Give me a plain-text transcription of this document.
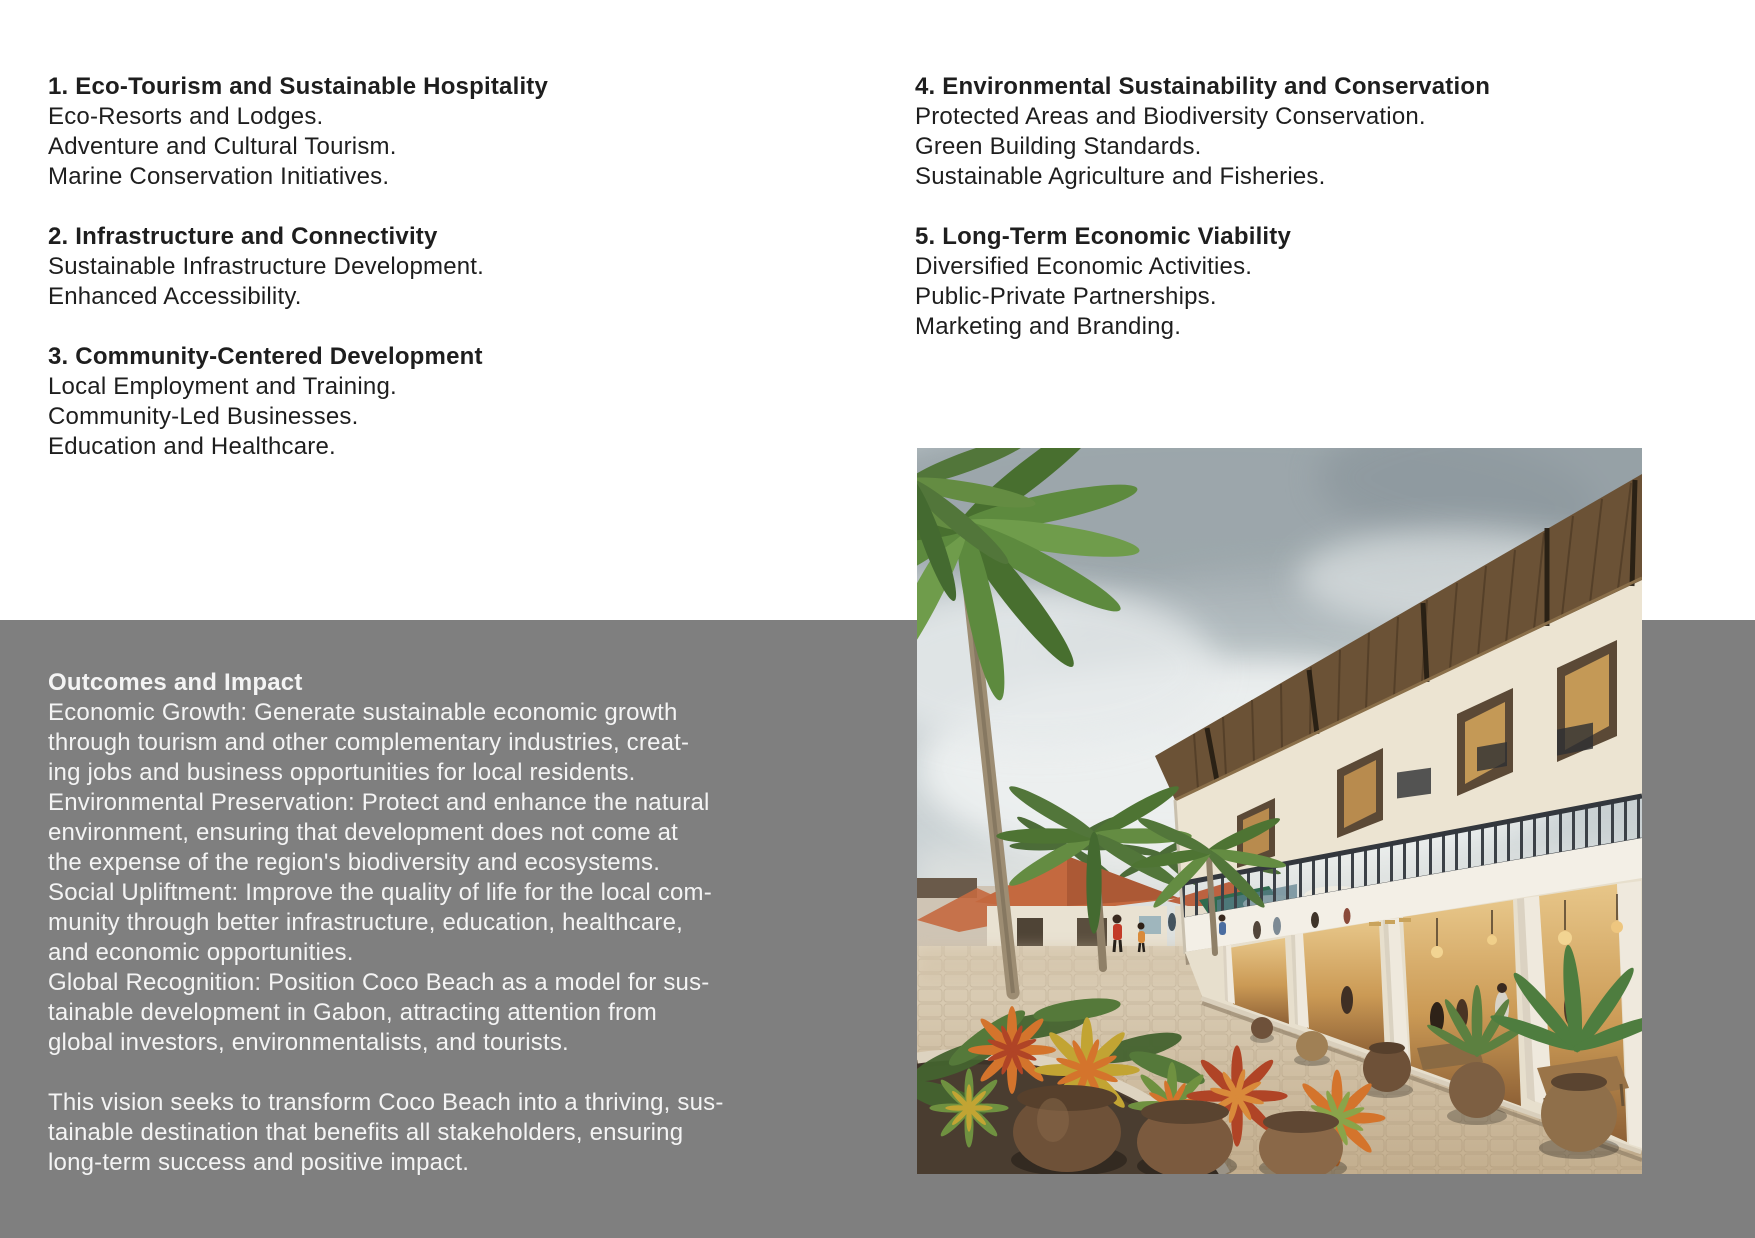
1. Eco-Tourism and Sustainable Hospitality
Eco-Resorts and Lodges.
Adventure and Cultural Tourism.
Marine Conservation Initiatives.
2. Infrastructure and Connectivity
Sustainable Infrastructure Development.
Enhanced Accessibility.
3. Community-Centered Development
Local Employment and Training.
Community-Led Businesses.
Education and Healthcare.
4. Environmental Sustainability and Conservation
Protected Areas and Biodiversity Conservation.
Green Building Standards.
Sustainable Agriculture and Fisheries.
5. Long-Term Economic Viability
Diversified Economic Activities.
Public-Private Partnerships.
Marketing and Branding.
Outcomes and Impact
Economic Growth: Generate sustainable economic growth
through tourism and other complementary industries, creat-
ing jobs and business opportunities for local residents.
Environmental Preservation: Protect and enhance the natural
environment, ensuring that development does not come at
the expense of the region's biodiversity and ecosystems.
Social Upliftment: Improve the quality of life for the local com-
munity through better infrastructure, education, healthcare,
and economic opportunities.
Global Recognition: Position Coco Beach as a model for sus-
tainable development in Gabon, attracting attention from
global investors, environmentalists, and tourists.
This vision seeks to transform Coco Beach into a thriving, sus-
tainable destination that benefits all stakeholders, ensuring
long-term success and positive impact.
